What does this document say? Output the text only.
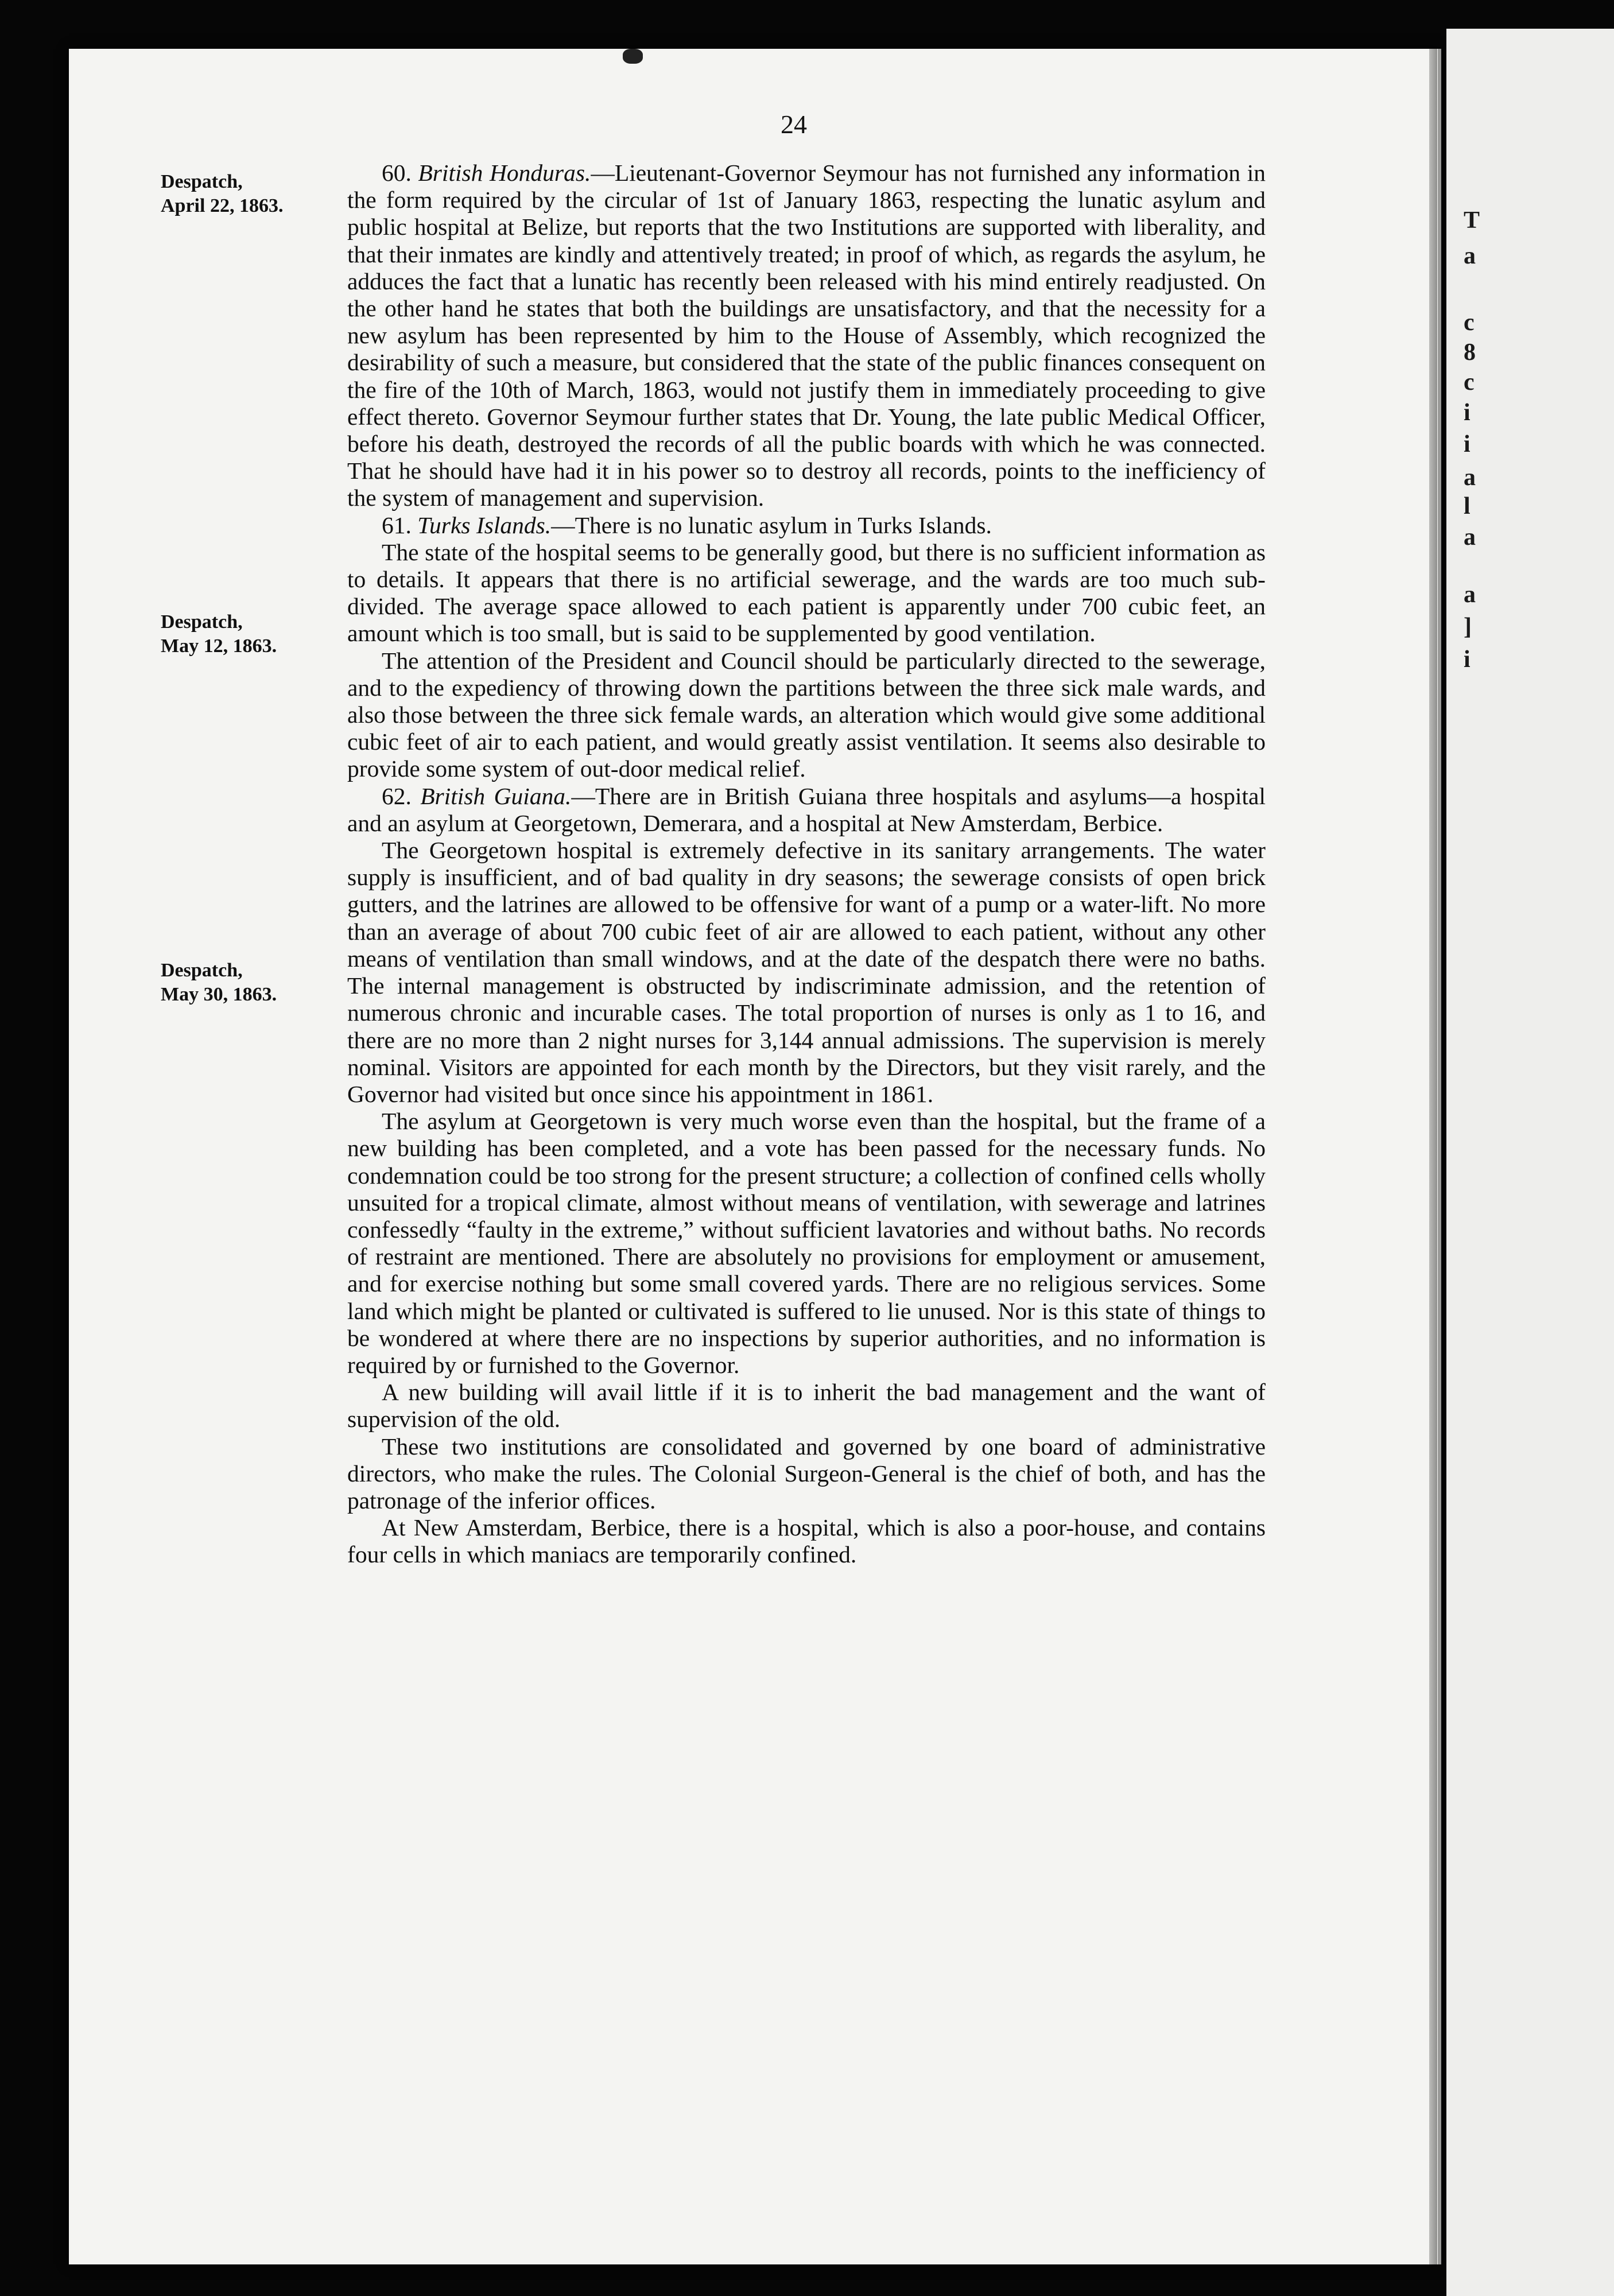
T
a
c
8
c
i
i
a
l
a
a
]
i
24
Despatch,
April 22, 1863.
Despatch,
May 12, 1863.
Despatch,
May 30, 1863.

60. British Honduras.—Lieutenant-Governor Seymour has not furnished any information in the form required by the circular of 1st of January 1863, respecting the lunatic asylum and public hospital at Belize, but reports that the two Institutions are supported with liberality, and that their inmates are kindly and attentively treated; in proof of which, as regards the asylum, he adduces the fact that a lunatic has recently been released with his mind entirely readjusted. On the other hand he states that both the buildings are unsatisfactory, and that the necessity for a new asylum has been represented by him to the House of Assembly, which recognized the desirability of such a measure, but considered that the state of the public finances consequent on the fire of the 10th of March, 1863, would not justify them in immediately proceeding to give effect thereto. Governor Seymour further states that Dr. Young, the late public Medical Officer, before his death, destroyed the records of all the public boards with which he was connected. That he should have had it in his power so to destroy all records, points to the inefficiency of the system of management and supervision.

61. Turks Islands.—There is no lunatic asylum in Turks Islands.

The state of the hospital seems to be generally good, but there is no sufficient information as to details. It appears that there is no artificial sewerage, and the wards are too much sub-divided. The average space allowed to each patient is apparently under 700 cubic feet, an amount which is too small, but is said to be supplemented by good ventilation.

The attention of the President and Council should be particularly directed to the sewerage, and to the expediency of throwing down the partitions between the three sick male wards, and also those between the three sick female wards, an alteration which would give some additional cubic feet of air to each patient, and would greatly assist ventilation. It seems also desirable to provide some system of out-door medical relief.

62. British Guiana.—There are in British Guiana three hospitals and asylums—a hospital and an asylum at Georgetown, Demerara, and a hospital at New Amsterdam, Berbice.

The Georgetown hospital is extremely defective in its sanitary arrangements. The water supply is insufficient, and of bad quality in dry seasons; the sewerage consists of open brick gutters, and the latrines are allowed to be offensive for want of a pump or a water-lift. No more than an average of about 700 cubic feet of air are allowed to each patient, without any other means of ventilation than small windows, and at the date of the despatch there were no baths. The internal management is obstructed by indiscriminate admission, and the retention of numerous chronic and incurable cases. The total proportion of nurses is only as 1 to 16, and there are no more than 2 night nurses for 3,144 annual admissions. The supervision is merely nominal. Visitors are appointed for each month by the Directors, but they visit rarely, and the Governor had visited but once since his appointment in 1861.

The asylum at Georgetown is very much worse even than the hospital, but the frame of a new building has been completed, and a vote has been passed for the necessary funds. No condemnation could be too strong for the present structure; a collection of confined cells wholly unsuited for a tropical climate, almost without means of ventilation, with sewerage and latrines confessedly “faulty in the extreme,” without sufficient lavatories and without baths. No records of restraint are mentioned. There are absolutely no provisions for employment or amusement, and for exercise nothing but some small covered yards. There are no religious services. Some land which might be planted or cultivated is suffered to lie unused. Nor is this state of things to be wondered at where there are no inspections by superior authorities, and no information is required by or furnished to the Governor.

A new building will avail little if it is to inherit the bad management and the want of supervision of the old.

These two institutions are consolidated and governed by one board of administrative directors, who make the rules. The Colonial Surgeon-General is the chief of both, and has the patronage of the inferior offices.

At New Amsterdam, Berbice, there is a hospital, which is also a poor-house, and contains four cells in which maniacs are temporarily confined.
